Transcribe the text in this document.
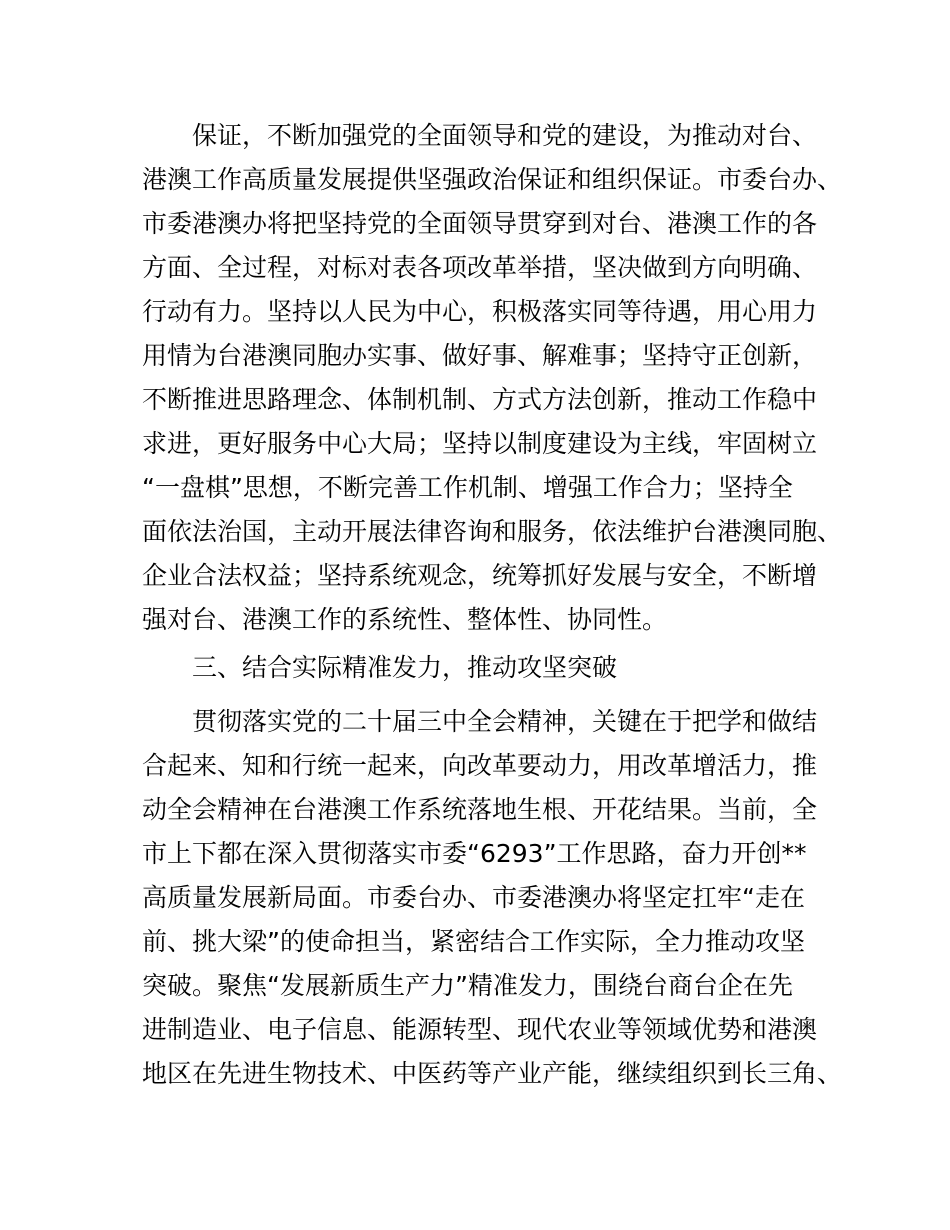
保证，不断加强党的全面领导和党的建设，为推动对台、
港澳工作高质量发展提供坚强政治保证和组织保证。市委台办、
市委港澳办将把坚持党的全面领导贯穿到对台、港澳工作的各
方面、全过程，对标对表各项改革举措，坚决做到方向明确、
行动有力。坚持以人民为中心，积极落实同等待遇，用心用力
用情为台港澳同胞办实事、做好事、解难事；坚持守正创新，
不断推进思路理念、体制机制、方式方法创新，推动工作稳中
求进，更好服务中心大局；坚持以制度建设为主线，牢固树立
“一盘棋”思想，不断完善工作机制、增强工作合力；坚持全
面依法治国，主动开展法律咨询和服务，依法维护台港澳同胞、
企业合法权益；坚持系统观念，统筹抓好发展与安全，不断增
强对台、港澳工作的系统性、整体性、协同性。
三、结合实际精准发力，推动攻坚突破
贯彻落实党的二十届三中全会精神，关键在于把学和做结
合起来、知和行统一起来，向改革要动力，用改革增活力，推
动全会精神在台港澳工作系统落地生根、开花结果。当前，全
市上下都在深入贯彻落实市委“6293”工作思路，奋力开创**
高质量发展新局面。市委台办、市委港澳办将坚定扛牢“走在
前、挑大梁”的使命担当，紧密结合工作实际，全力推动攻坚
突破。聚焦“发展新质生产力”精准发力，围绕台商台企在先
进制造业、电子信息、能源转型、现代农业等领域优势和港澳
地区在先进生物技术、中医药等产业产能，继续组织到长三角、
